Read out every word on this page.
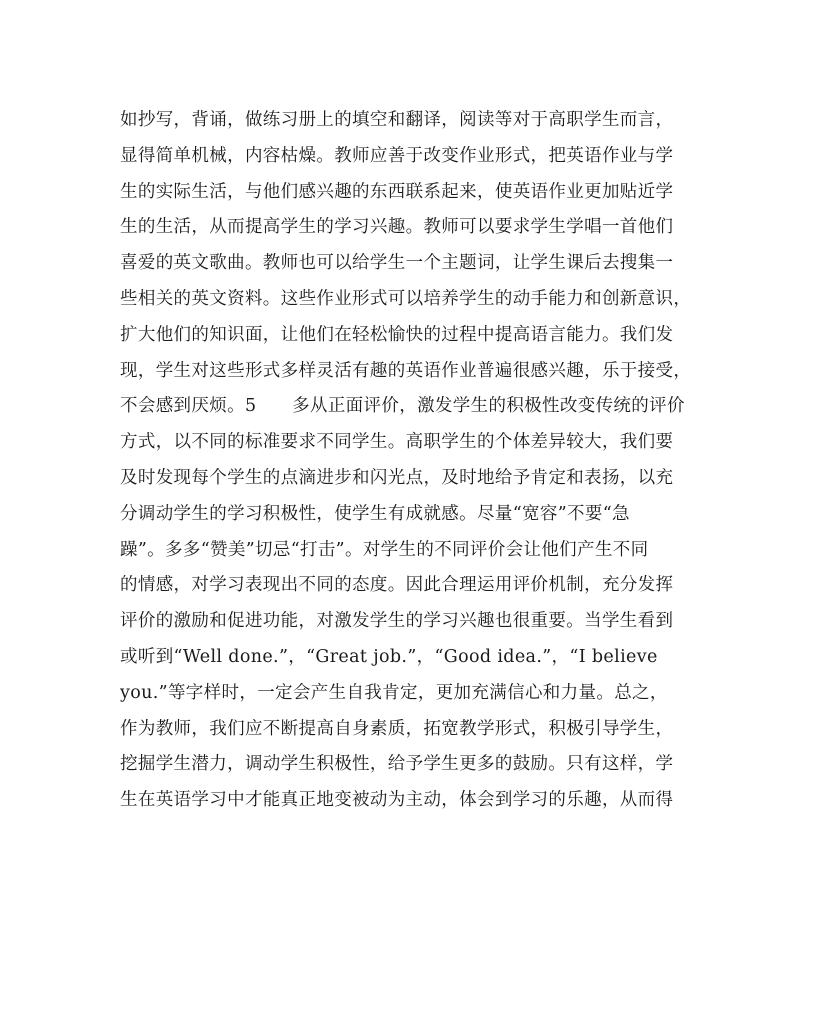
如抄写，背诵，做练习册上的填空和翻译，阅读等对于高职学生而言，
显得简单机械，内容枯燥。教师应善于改变作业形式，把英语作业与学
生的实际生活，与他们感兴趣的东西联系起来，使英语作业更加贴近学
生的生活，从而提高学生的学习兴趣。教师可以要求学生学唱一首他们
喜爱的英文歌曲。教师也可以给学生一个主题词，让学生课后去搜集一
些相关的英文资料。这些作业形式可以培养学生的动手能力和创新意识，
扩大他们的知识面，让他们在轻松愉快的过程中提高语言能力。我们发
现，学生对这些形式多样灵活有趣的英语作业普遍很感兴趣，乐于接受，
不会感到厌烦。5　　多从正面评价，激发学生的积极性改变传统的评价
方式，以不同的标准要求不同学生。高职学生的个体差异较大，我们要
及时发现每个学生的点滴进步和闪光点，及时地给予肯定和表扬，以充
分调动学生的学习积极性，使学生有成就感。尽量“宽容”不要“急
躁”。多多“赞美”切忌“打击”。对学生的不同评价会让他们产生不同
的情感，对学习表现出不同的态度。因此合理运用评价机制，充分发挥
评价的激励和促进功能，对激发学生的学习兴趣也很重要。当学生看到
或听到“Well done.”，“Great job.”，“Good idea.”，“I believe
you.”等字样时，一定会产生自我肯定，更加充满信心和力量。总之，
作为教师，我们应不断提高自身素质，拓宽教学形式，积极引导学生，
挖掘学生潜力，调动学生积极性，给予学生更多的鼓励。只有这样，学
生在英语学习中才能真正地变被动为主动，体会到学习的乐趣，从而得
